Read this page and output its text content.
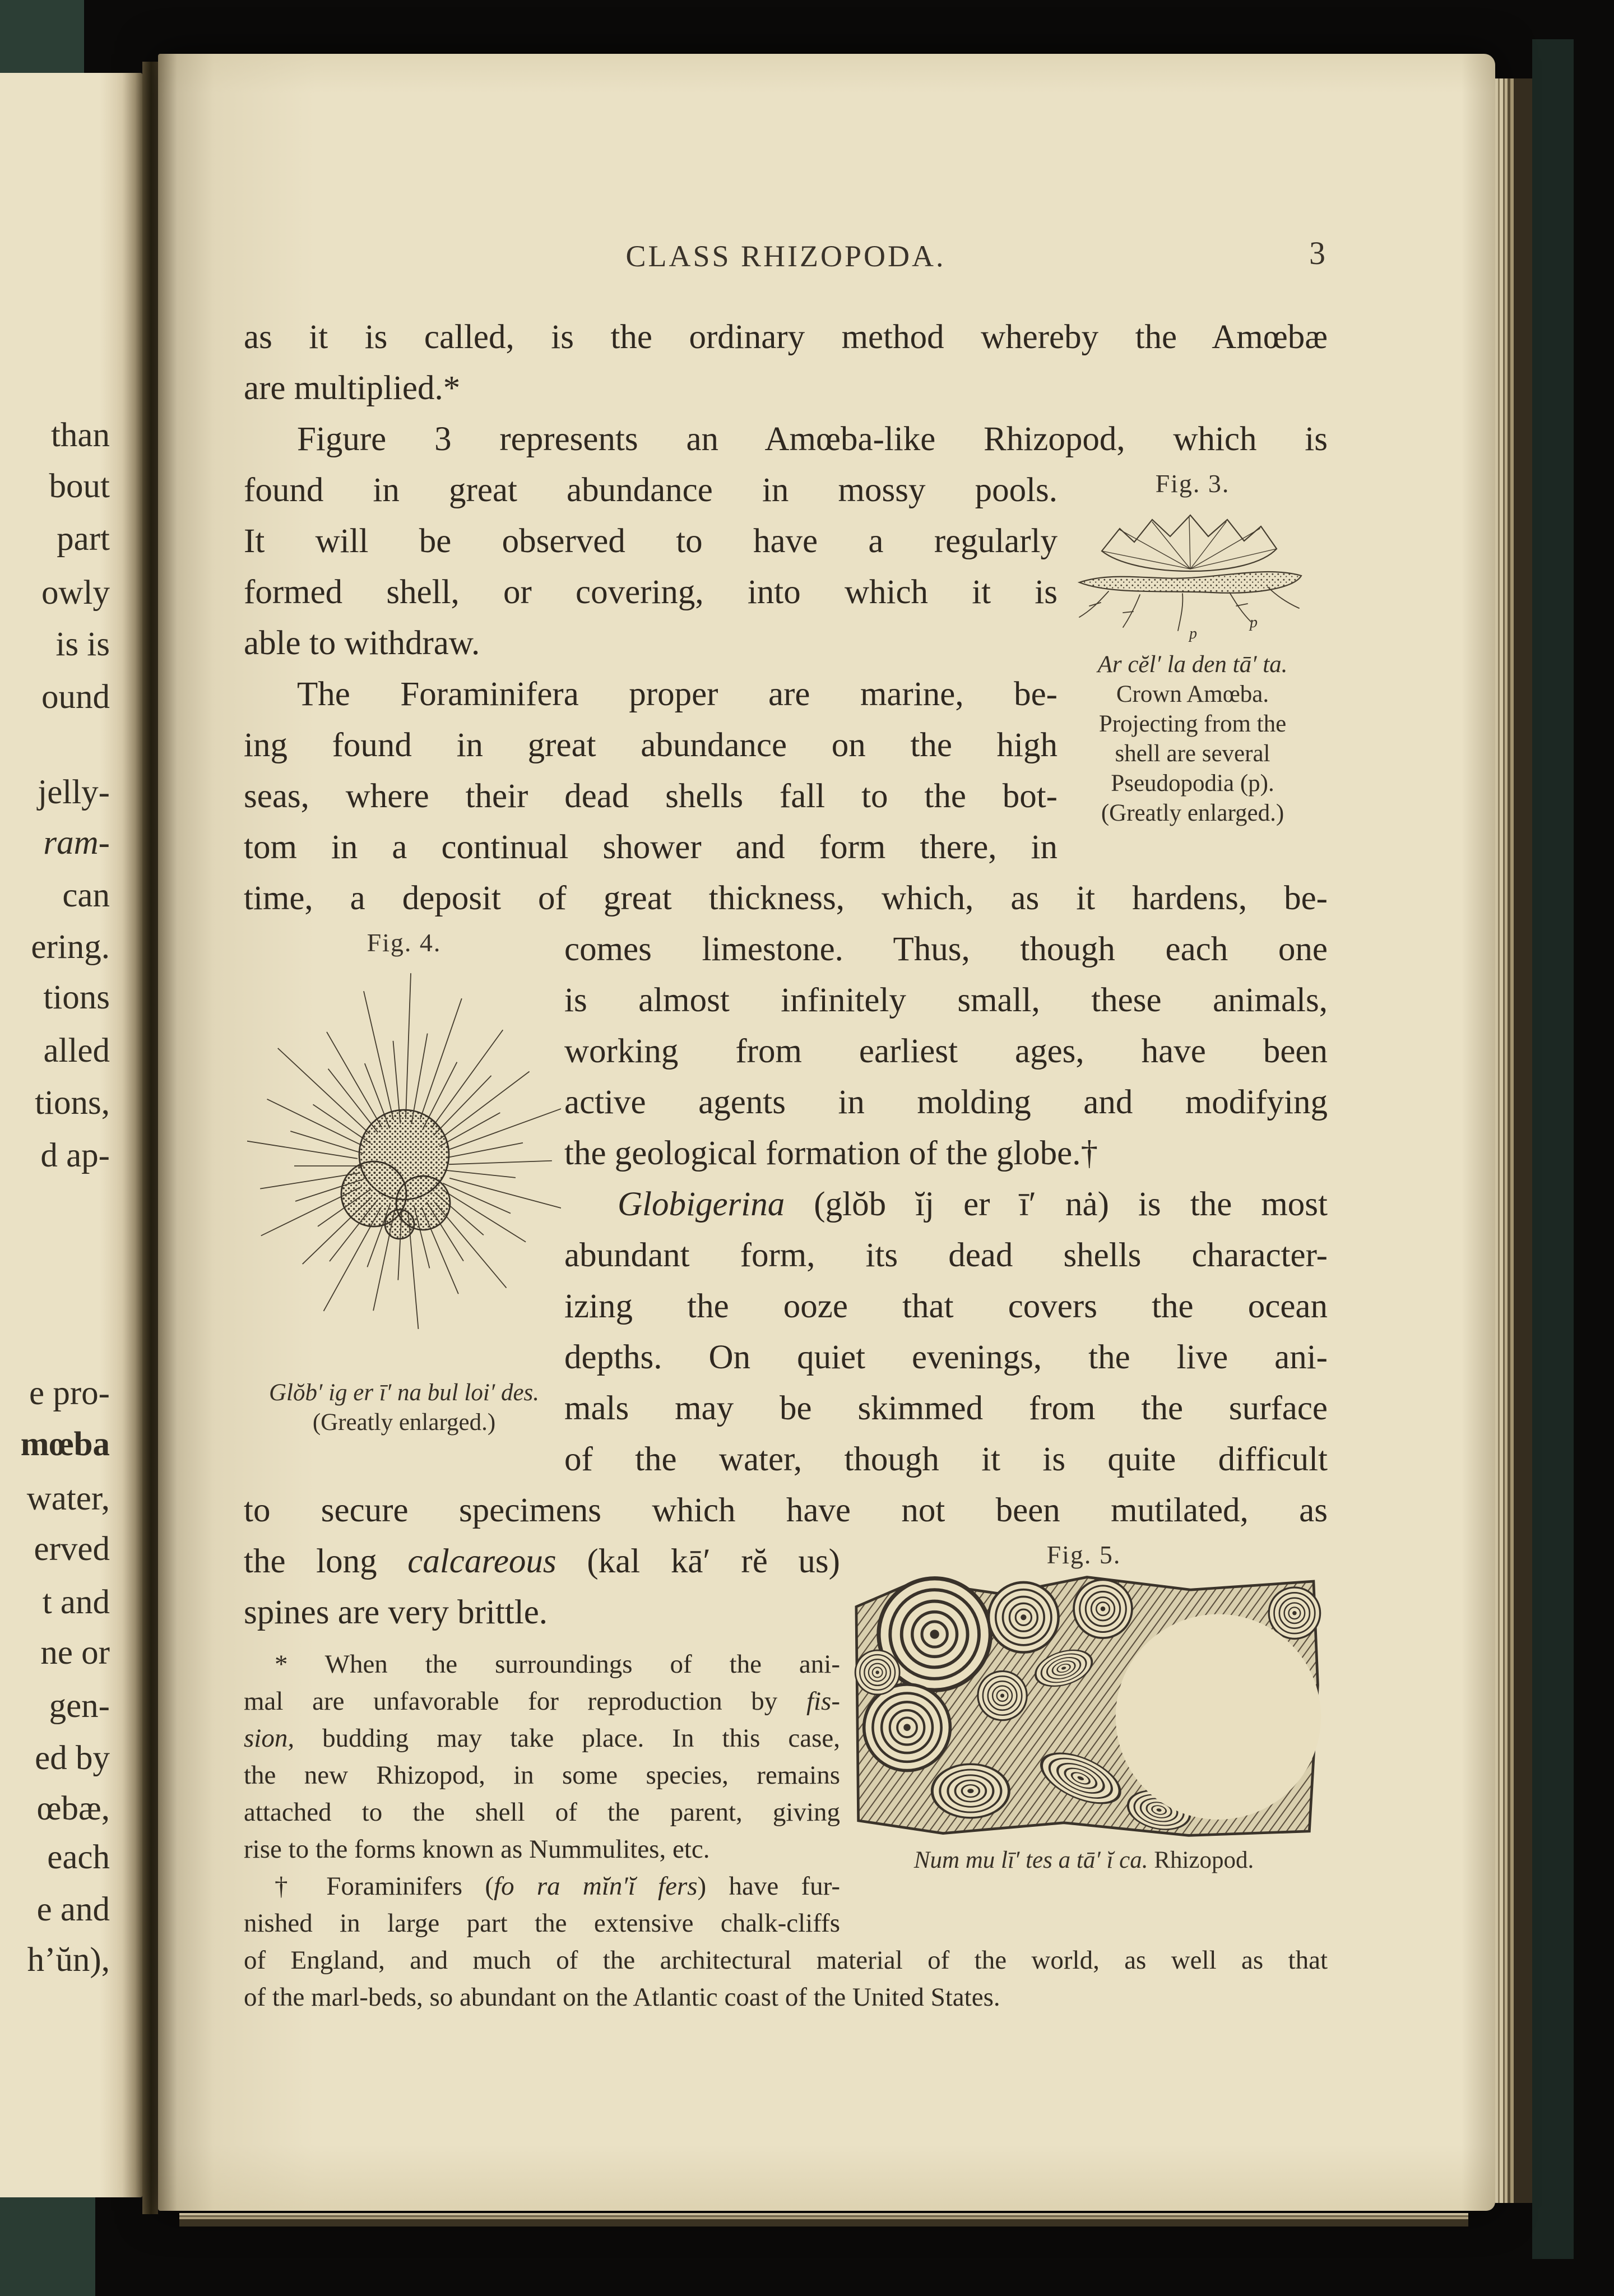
than
bout
part
owly
is is
ound
jelly-
ram-
can
ering.
tions
alled
tions,
d ap-
e pro-
mœba
water,
erved
t and
ne or
gen-
ed by
œbæ,
each
e and
h’ŭn),
CLASS RHIZOPODA.	3
as it is called, is the ordinary method whereby the Amœbæ
are multiplied.*
Figure 3 represents an Amœba-like Rhizopod, which is
found in great abundance in mossy pools.
It will be observed to have a regularly
formed shell, or covering, into which it is
able to withdraw.
The Foraminifera proper are marine, be-
ing found in great abundance on the high
seas, where their dead shells fall to the bot-
tom in a continual shower and form there, in
Fig. 3.
p
p
Ar cĕl′ la den tā′ ta.
Crown Amœba.
Projecting from the
shell are several
Pseudopodia (p).
(Greatly enlarged.)
time, a deposit of great thickness, which, as it hardens, be-
Fig. 4.
Glŏb′ ig er ī′ na bul loi′ des.
(Greatly enlarged.)
comes limestone. Thus, though each one
is almost infinitely small, these animals,
working from earliest ages, have been
active agents in molding and modifying
the geological formation of the globe.†
Globigerina (glŏb ĭj er ī′ nȧ) is the most
abundant form, its dead shells character-
izing the ooze that covers the ocean
depths. On quiet evenings, the live ani-
mals may be skimmed from the surface
of the water, though it is quite difficult
to secure specimens which have not been mutilated, as
the long calcareous (kal kā′ rĕ us)
spines are very brittle.
* When the surroundings of the ani-
mal are unfavorable for reproduction by fis-
sion, budding may take place. In this case,
the new Rhizopod, in some species, remains
attached to the shell of the parent, giving
rise to the forms known as Nummulites, etc.
† Foraminifers (fo ra mĭn′ĭ fers) have fur-
nished in large part the extensive chalk-cliffs
Fig. 5.
Num mu lī′ tes a tā′ ĭ ca. Rhizopod.
of England, and much of the architectural material of the world, as well as that
of the marl-beds, so abundant on the Atlantic coast of the United States.
